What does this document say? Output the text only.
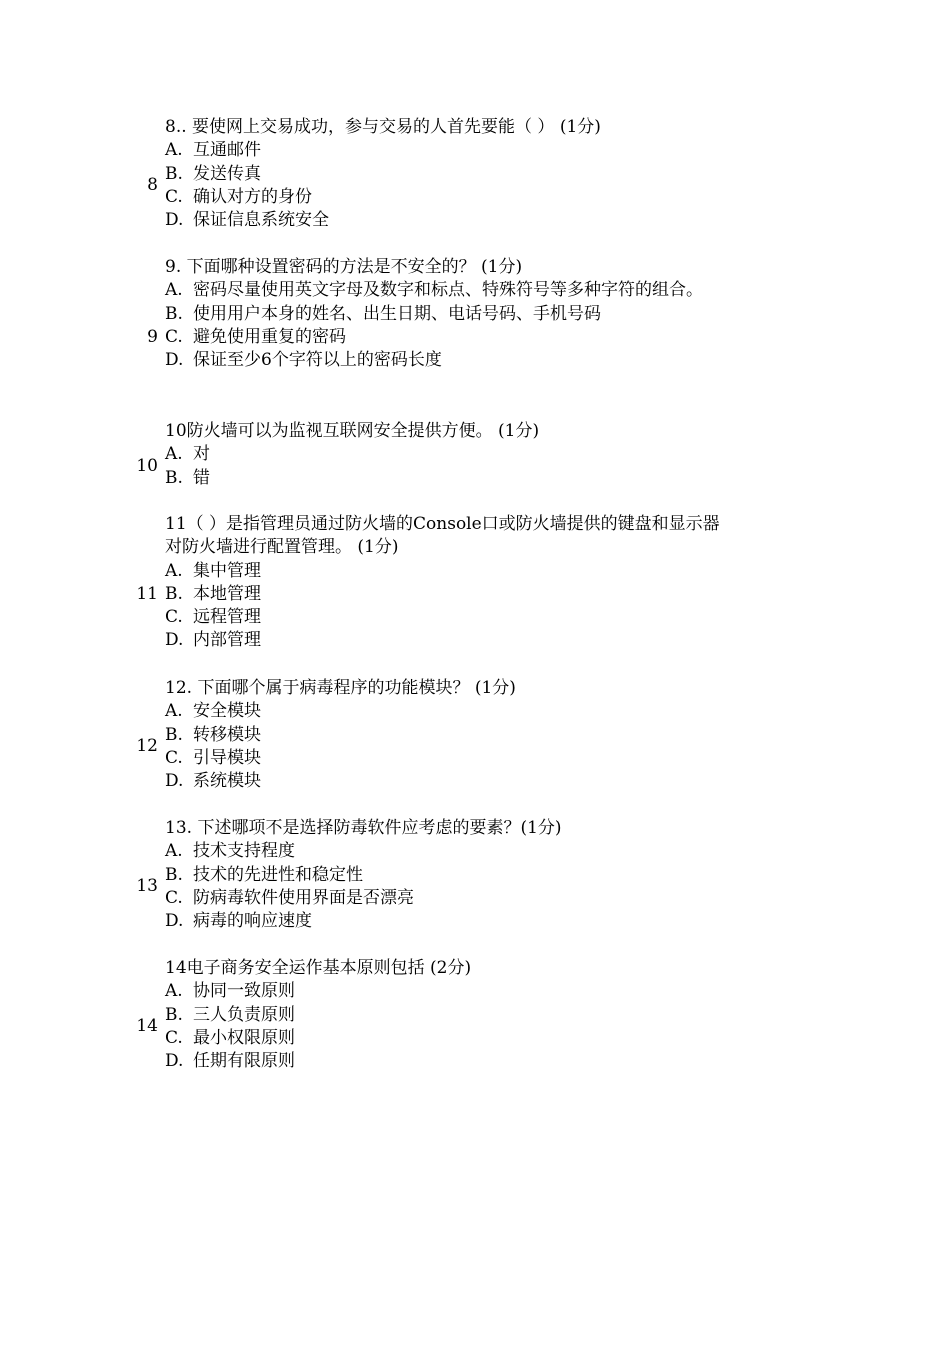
8

8.. 要使网上交易成功，参与交易的人首先要能（ ） (1分)

A. 互通邮件

B. 发送传真

C. 确认对方的身份

D. 保证信息系统安全

9

9. 下面哪种设置密码的方法是不安全的？ (1分)

A. 密码尽量使用英文字母及数字和标点、特殊符号等多种字符的组合。

B. 使用用户本身的姓名、出生日期、电话号码、手机号码

C. 避免使用重复的密码

D. 保证至少6个字符以上的密码长度

10

10防火墙可以为监视互联网安全提供方便。 (1分)

A. 对

B. 错

11

11（ ）是指管理员通过防火墙的Console口或防火墙提供的键盘和显示器对防火墙进行配置管理。 (1分)

A. 集中管理

B. 本地管理

C. 远程管理

D. 内部管理

12

12. 下面哪个属于病毒程序的功能模块？ (1分)

A. 安全模块

B. 转移模块

C. 引导模块

D. 系统模块

13

13. 下述哪项不是选择防毒软件应考虑的要素？(1分)

A. 技术支持程度

B. 技术的先进性和稳定性

C. 防病毒软件使用界面是否漂亮

D. 病毒的响应速度

14

14电子商务安全运作基本原则包括 (2分)

A. 协同一致原则

B. 三人负责原则

C. 最小权限原则

D. 任期有限原则
